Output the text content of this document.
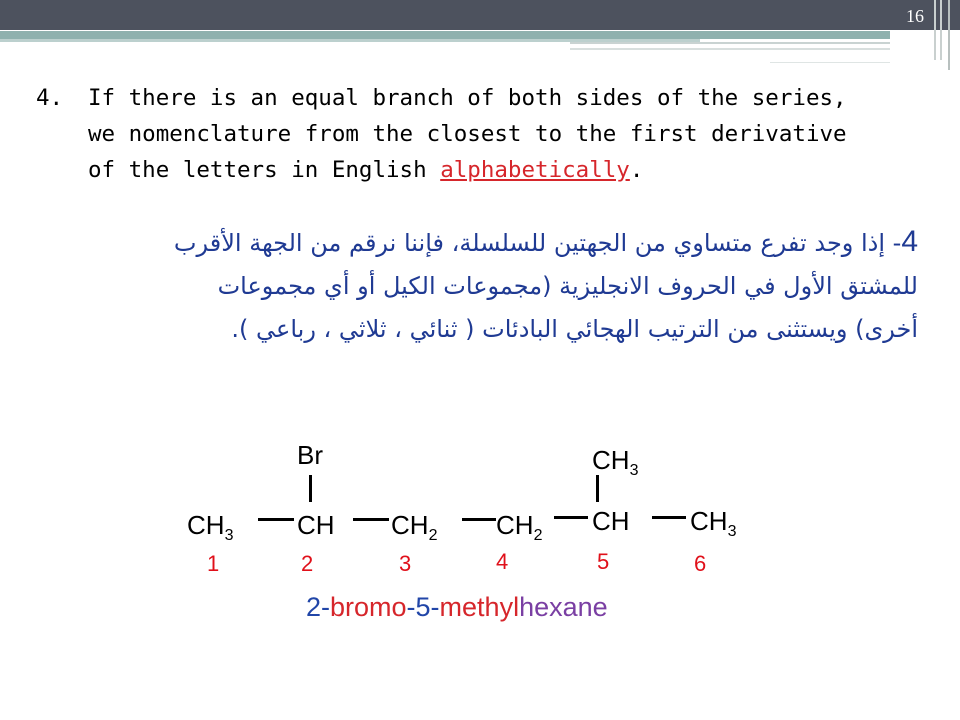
16
4. If there is an equal branch of both sides of the series,
we nomenclature from the closest to the first derivative
of the letters in English alphabetically.
4- إذا وجد تفرع متساوي من الجهتين للسلسلة، فإننا نرقم من الجهة الأقرب
للمشتق الأول في الحروف الانجليزية (مجموعات الكيل أو أي مجموعات
أخرى) ويستثنى من الترتيب الهجائي البادئات ( ثنائي ، ثلاثي ، رباعي ).
Br	$CH_3$
$CH_3$ CH $CH_2$ $CH_2$ CH $CH_3$
1	2	3	4	5	6
2-bromo-5-methylhexane
